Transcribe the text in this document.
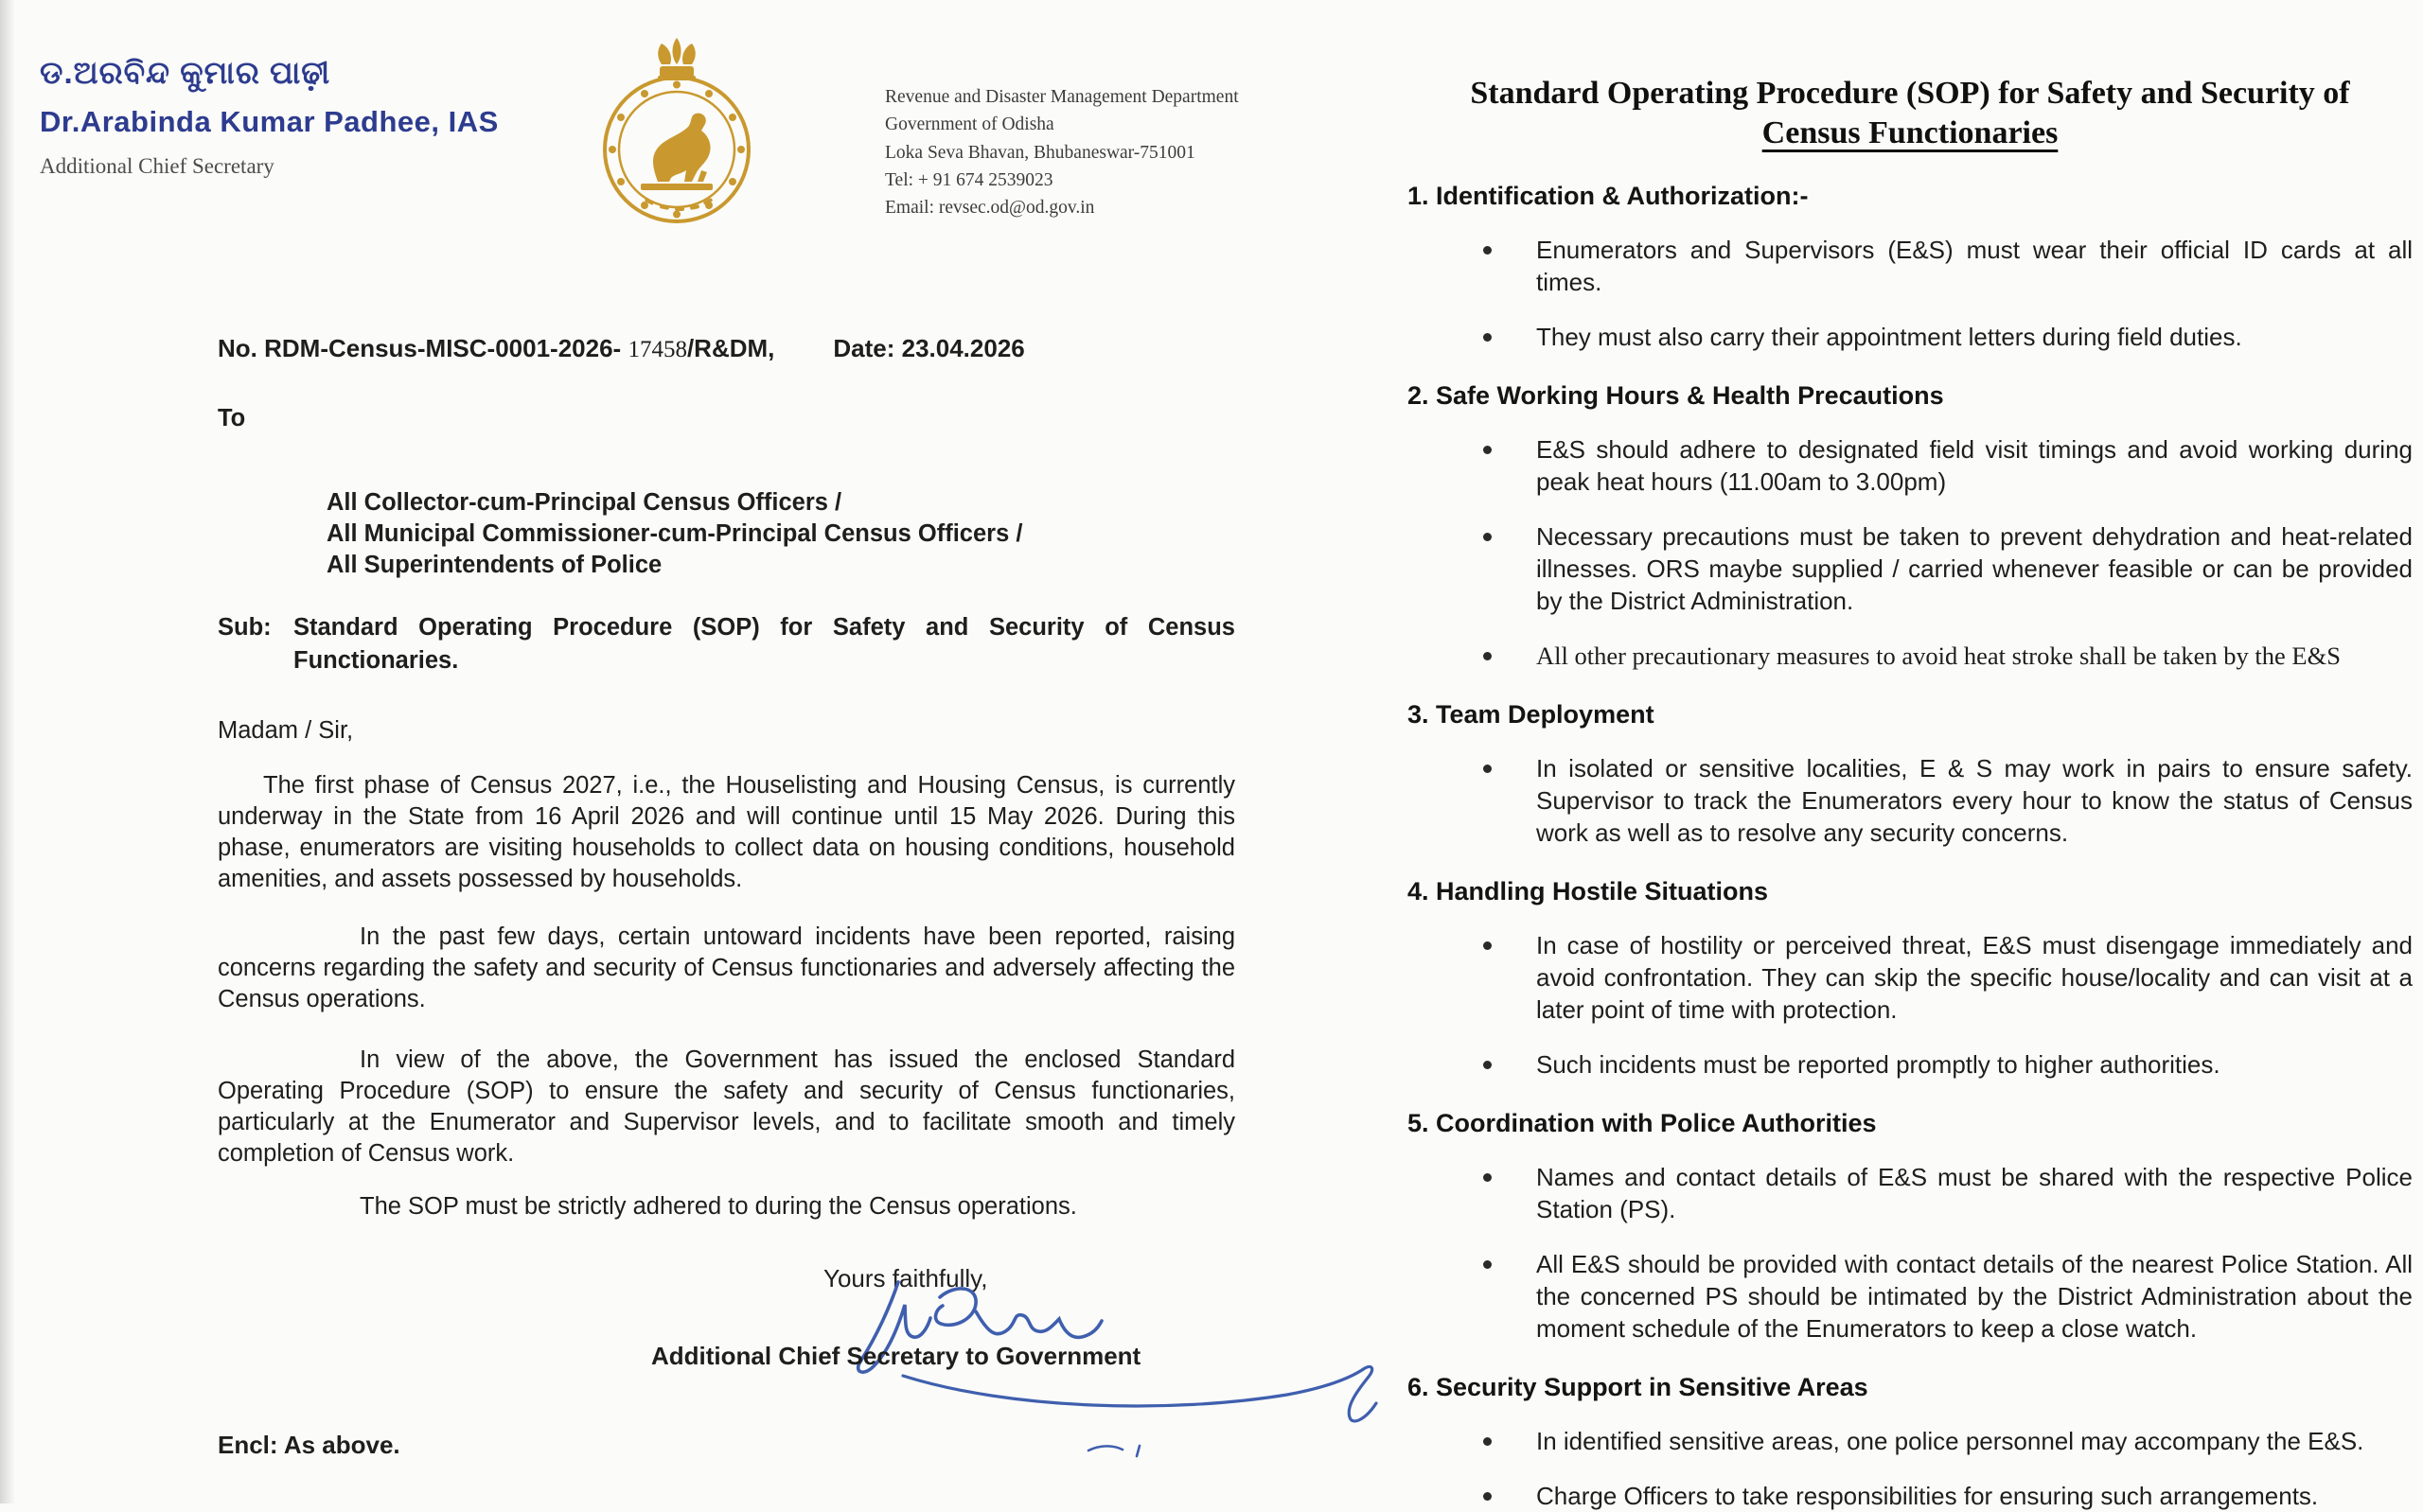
ଡ.ଅରବିନ୍ଦ କୁମାର ପାଢ଼ୀ
Dr.Arabinda Kumar Padhee, IAS
Additional Chief Secretary
Revenue and Disaster Management Department
Government of Odisha
Loka Seva Bhavan, Bhubaneswar-751001
Tel: + 91 674 2539023
Email: revsec.od@od.gov.in
No. RDM-Census-MISC-0001-2026- 17458/R&DM, Date: 23.04.2026
To
All Collector-cum-Principal Census Officers /
All Municipal Commissioner-cum-Principal Census Officers /
All Superintendents of Police
Sub: Standard Operating Procedure (SOP) for Safety and Security of Census Functionaries.
Madam / Sir,

The first phase of Census 2027, i.e., the Houselisting and Housing Census, is currently underway in the State from 16 April 2026 and will continue until 15 May 2026. During this phase, enumerators are visiting households to collect data on housing conditions, household amenities, and assets possessed by households.

In the past few days, certain untoward incidents have been reported, raising concerns regarding the safety and security of Census functionaries and adversely affecting the Census operations.

In view of the above, the Government has issued the enclosed Standard Operating Procedure (SOP) to ensure the safety and security of Census functionaries, particularly at the Enumerator and Supervisor levels, and to facilitate smooth and timely completion of Census work.

The SOP must be strictly adhered to during the Census operations.

Yours faithfully,
Additional Chief Secretary to Government
Encl: As above.
Standard Operating Procedure (SOP) for Safety and Security of
Census Functionaries
1. Identification & Authorization:-
Enumerators and Supervisors (E&S) must wear their official ID cards at all times.
They must also carry their appointment letters during field duties.
2. Safe Working Hours & Health Precautions
E&S should adhere to designated field visit timings and avoid working during peak heat hours (11.00am to 3.00pm)
Necessary precautions must be taken to prevent dehydration and heat-related illnesses. ORS maybe supplied / carried whenever feasible or can be provided by the District Administration.
All other precautionary measures to avoid heat stroke shall be taken by the E&S
3. Team Deployment
In isolated or sensitive localities, E & S may work in pairs to ensure safety. Supervisor to track the Enumerators every hour to know the status of Census work as well as to resolve any security concerns.
4. Handling Hostile Situations
In case of hostility or perceived threat, E&S must disengage immediately and avoid confrontation. They can skip the specific house/locality and can visit at a later point of time with protection.
Such incidents must be reported promptly to higher authorities.
5. Coordination with Police Authorities
Names and contact details of E&S must be shared with the respective Police Station (PS).
All E&S should be provided with contact details of the nearest Police Station. All the concerned PS should be intimated by the District Administration about the moment schedule of the Enumerators to keep a close watch.
6. Security Support in Sensitive Areas
In identified sensitive areas, one police personnel may accompany the E&S.
Charge Officers to take responsibilities for ensuring such arrangements.
